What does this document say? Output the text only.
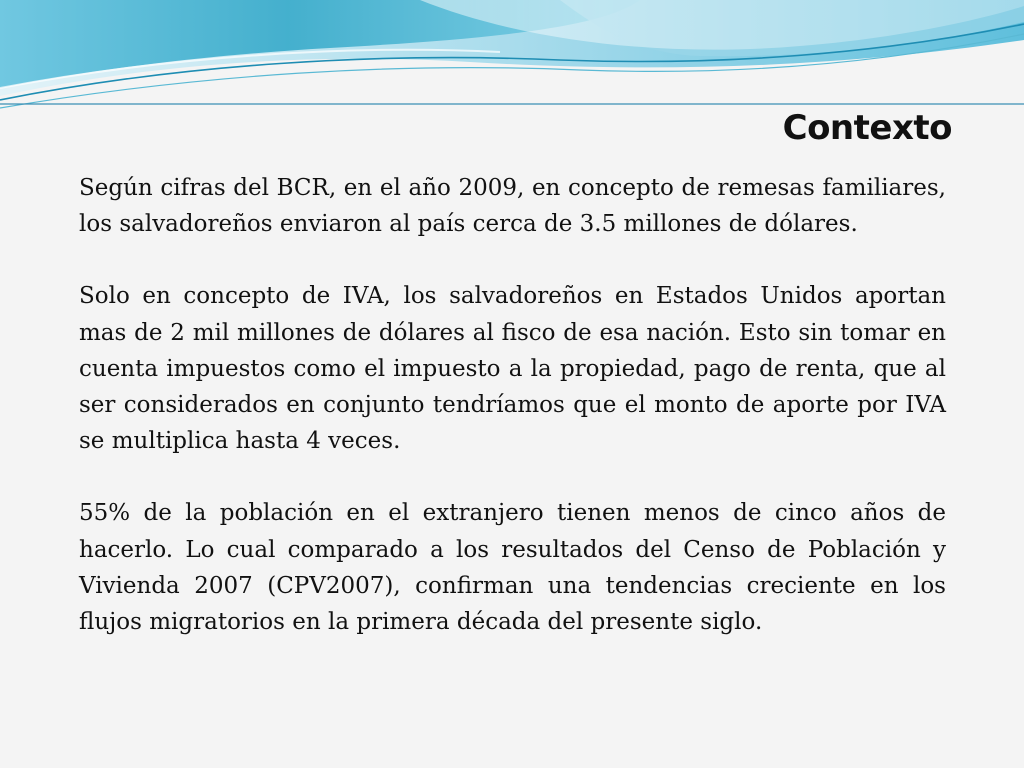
Contexto

Según cifras del BCR, en el año 2009, en concepto de remesas familiares, los salvadoreños enviaron al país cerca de 3.5 millones de dólares.

Solo en concepto de IVA, los salvadoreños en Estados Unidos aportan mas de 2 mil millones de dólares al fisco de esa nación. Esto sin tomar en cuenta impuestos como el impuesto a la propiedad, pago de renta, que al ser considerados en conjunto tendríamos que el monto de aporte por IVA se multiplica hasta 4 veces.

55% de la población en el extranjero tienen menos de cinco años de hacerlo. Lo cual comparado a los resultados del Censo de Población y Vivienda 2007 (CPV2007), confirman una tendencias creciente en los flujos migratorios en la primera década del presente siglo.
